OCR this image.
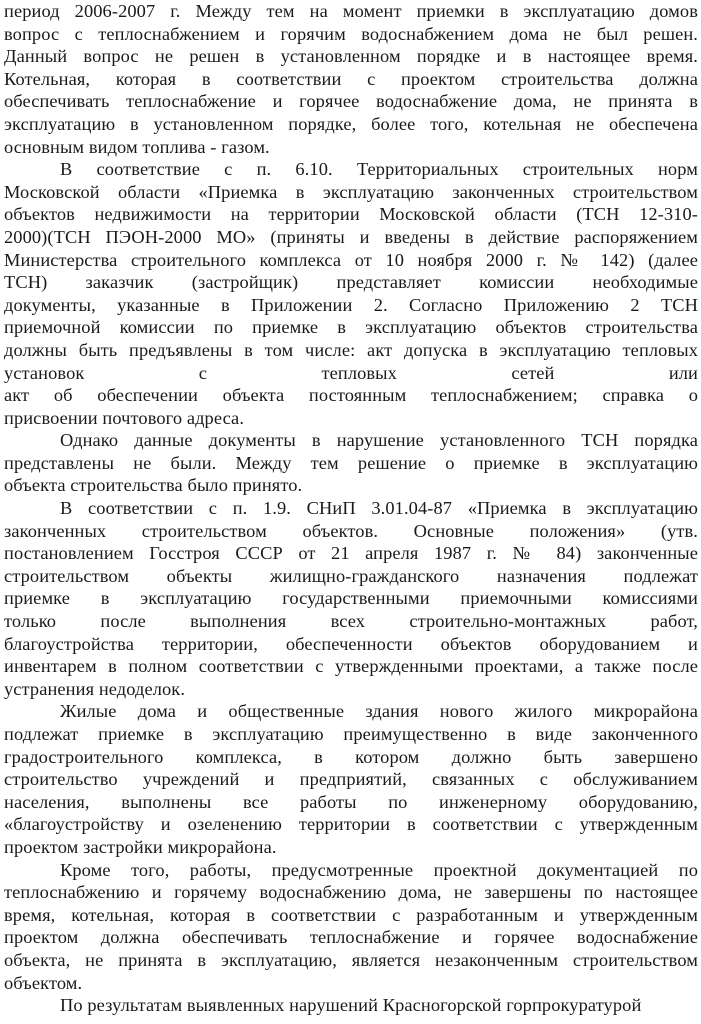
период 2006-2007 г. Между тем на момент приемки в эксплуатацию домов
вопрос с теплоснабжением и горячим водоснабжением дома не был решен.
Данный вопрос не решен в установленном порядке и в настоящее время.
Котельная, которая в соответствии с проектом строительства должна
обеспечивать теплоснабжение и горячее водоснабжение дома, не принята в
эксплуатацию в установленном порядке, более того, котельная не обеспечена
основным видом топлива - газом.
В соответствие с п. 6.10. Территориальных строительных норм
Московской области «Приемка в эксплуатацию законченных строительством
объектов недвижимости на территории Московской области (ТСН 12-310-
2000)(ТСН ПЭОН-2000 МО» (приняты и введены в действие распоряжением
Министерства строительного комплекса от 10 ноября 2000 г. № 142) (далее
ТСН) заказчик (застройщик) представляет комиссии необходимые
документы, указанные в Приложении 2. Согласно Приложению 2 ТСН
приемочной комиссии по приемке в эксплуатацию объектов строительства
должны быть предъявлены в том числе: акт допуска в эксплуатацию тепловых
установок с тепловых сетей или
акт об обеспечении объекта постоянным теплоснабжением; справка о
присвоении почтового адреса.
Однако данные документы в нарушение установленного ТСН порядка
представлены не были. Между тем решение о приемке в эксплуатацию
объекта строительства было принято.
В соответствии с п. 1.9. СНиП 3.01.04-87 «Приемка в эксплуатацию
законченных строительством объектов. Основные положения» (утв.
постановлением Госстроя СССР от 21 апреля 1987 г. № 84) законченные
строительством объекты жилищно-гражданского назначения подлежат
приемке в эксплуатацию государственными приемочными комиссиями
только после выполнения всех строительно-монтажных работ,
благоустройства территории, обеспеченности объектов оборудованием и
инвентарем в полном соответствии с утвержденными проектами, а также после
устранения недоделок.
Жилые дома и общественные здания нового жилого микрорайона
подлежат приемке в эксплуатацию преимущественно в виде законченного
градостроительного комплекса, в котором должно быть завершено
строительство учреждений и предприятий, связанных с обслуживанием
населения, выполнены все работы по инженерному оборудованию,
«благоустройству и озеленению территории в соответствии с утвержденным
проектом застройки микрорайона.
Кроме того, работы, предусмотренные проектной документацией по
теплоснабжению и горячему водоснабжению дома, не завершены по настоящее
время, котельная, которая в соответствии с разработанным и утвержденным
проектом должна обеспечивать теплоснабжение и горячее водоснабжение
объекта, не принята в эксплуатацию, является незаконченным строительством
объектом.
По результатам выявленных нарушений Красногорской горпрокуратурой
